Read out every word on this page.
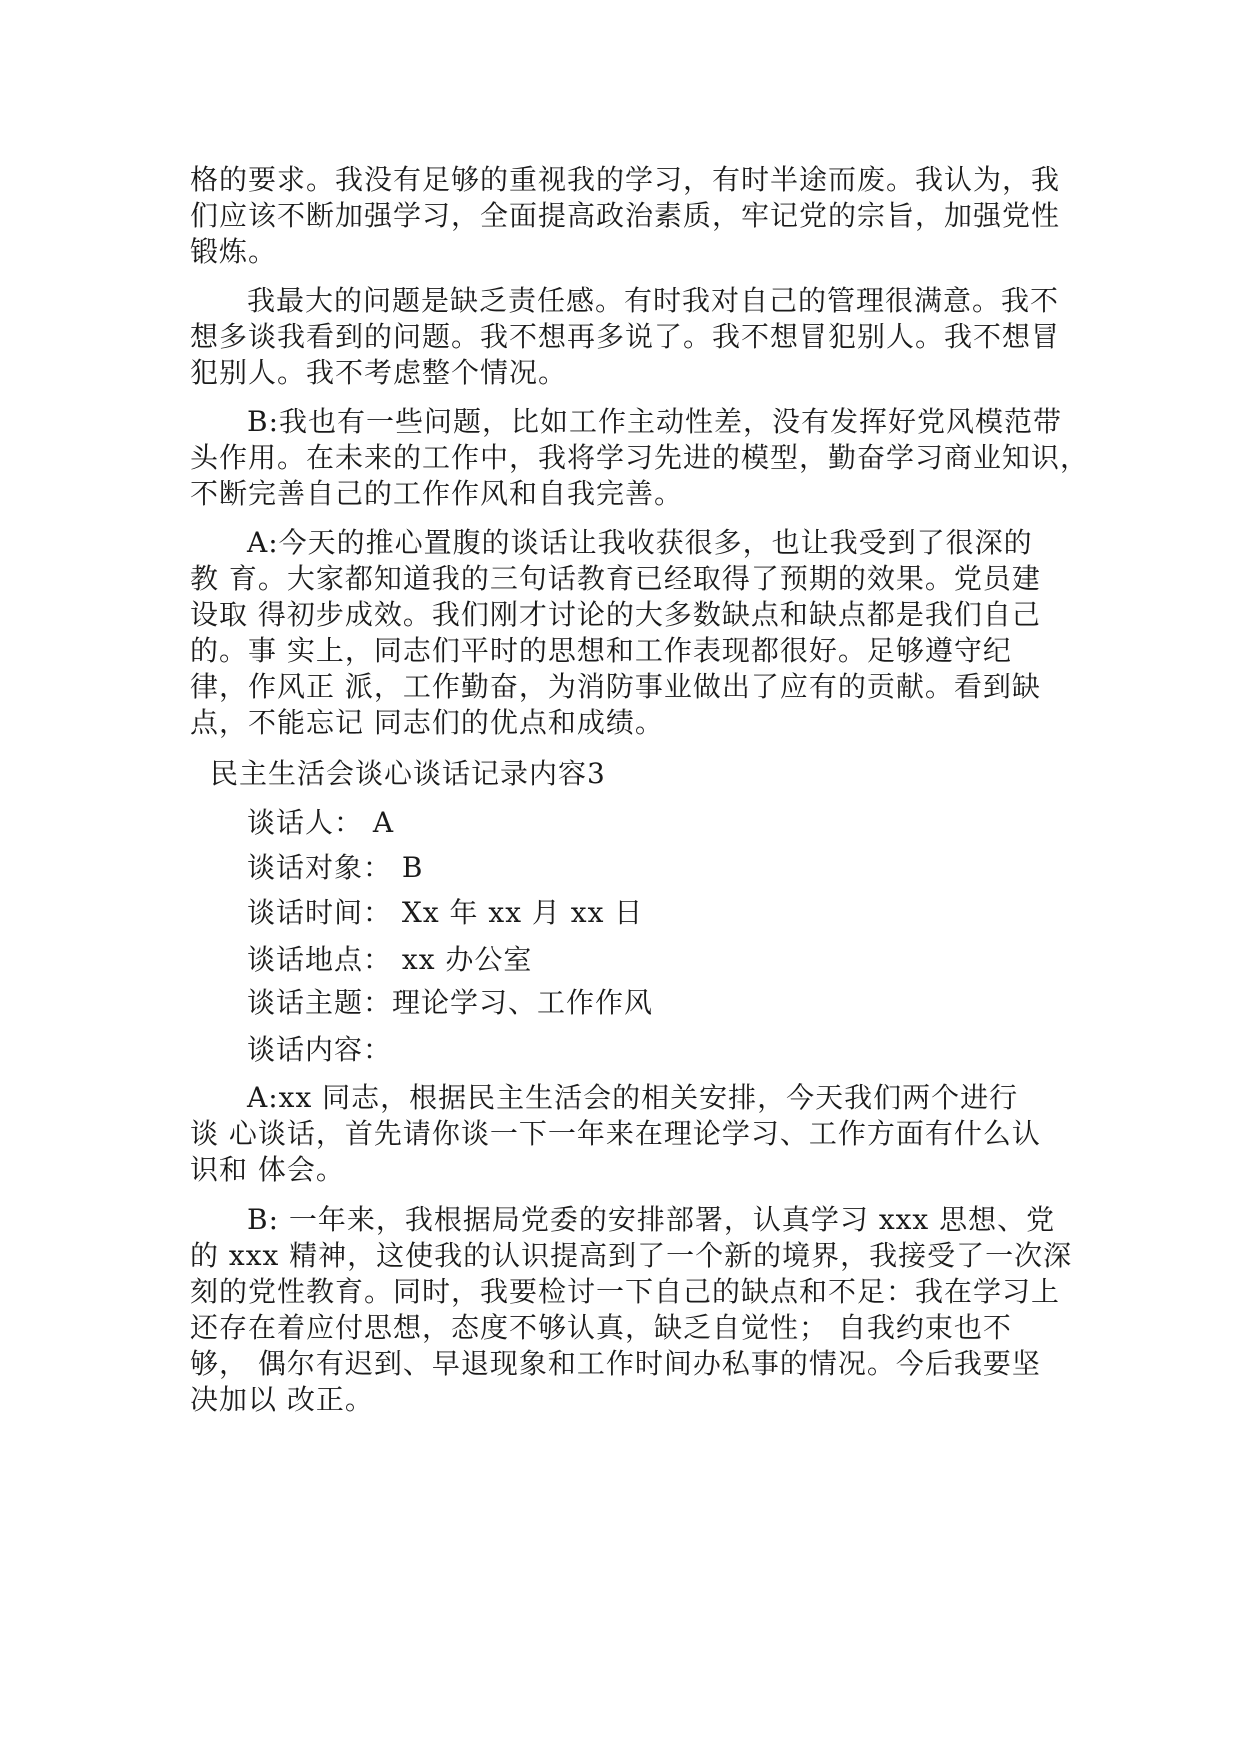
格的要求。我没有足够的重视我的学习，有时半途而废。我认为，我
们应该不断加强学习，全面提高政治素质，牢记党的宗旨，加强党性
锻炼。
我最大的问题是缺乏责任感。有时我对自己的管理很满意。我不
想多谈我看到的问题。我不想再多说了。我不想冒犯别人。我不想冒
犯别人。我不考虑整个情况。
B:我也有一些问题，比如工作主动性差，没有发挥好党风模范带
头作用。在未来的工作中，我将学习先进的模型，勤奋学习商业知识，
不断完善自己的工作作风和自我完善。
A:今天的推心置腹的谈话让我收获很多，也让我受到了很深的
教 育。大家都知道我的三句话教育已经取得了预期的效果。党员建
设取 得初步成效。我们刚才讨论的大多数缺点和缺点都是我们自己
的。事 实上，同志们平时的思想和工作表现都很好。足够遵守纪
律，作风正 派，工作勤奋，为消防事业做出了应有的贡献。看到缺
点，不能忘记 同志们的优点和成绩。
民主生活会谈心谈话记录内容3
谈话人： A
谈话对象： B
谈话时间： Xx 年 xx 月 xx 日
谈话地点： xx 办公室
谈话主题：理论学习、工作作风
谈话内容：
A:xx 同志，根据民主生活会的相关安排，今天我们两个进行
谈 心谈话，首先请你谈一下一年来在理论学习、工作方面有什么认
识和 体会。
B: 一年来，我根据局党委的安排部署，认真学习 xxx 思想、党
的 xxx 精神，这使我的认识提高到了一个新的境界，我接受了一次深
刻的党性教育。同时，我要检讨一下自己的缺点和不足：我在学习上
还存在着应付思想，态度不够认真，缺乏自觉性； 自我约束也不
够， 偶尔有迟到、早退现象和工作时间办私事的情况。今后我要坚
决加以 改正。
